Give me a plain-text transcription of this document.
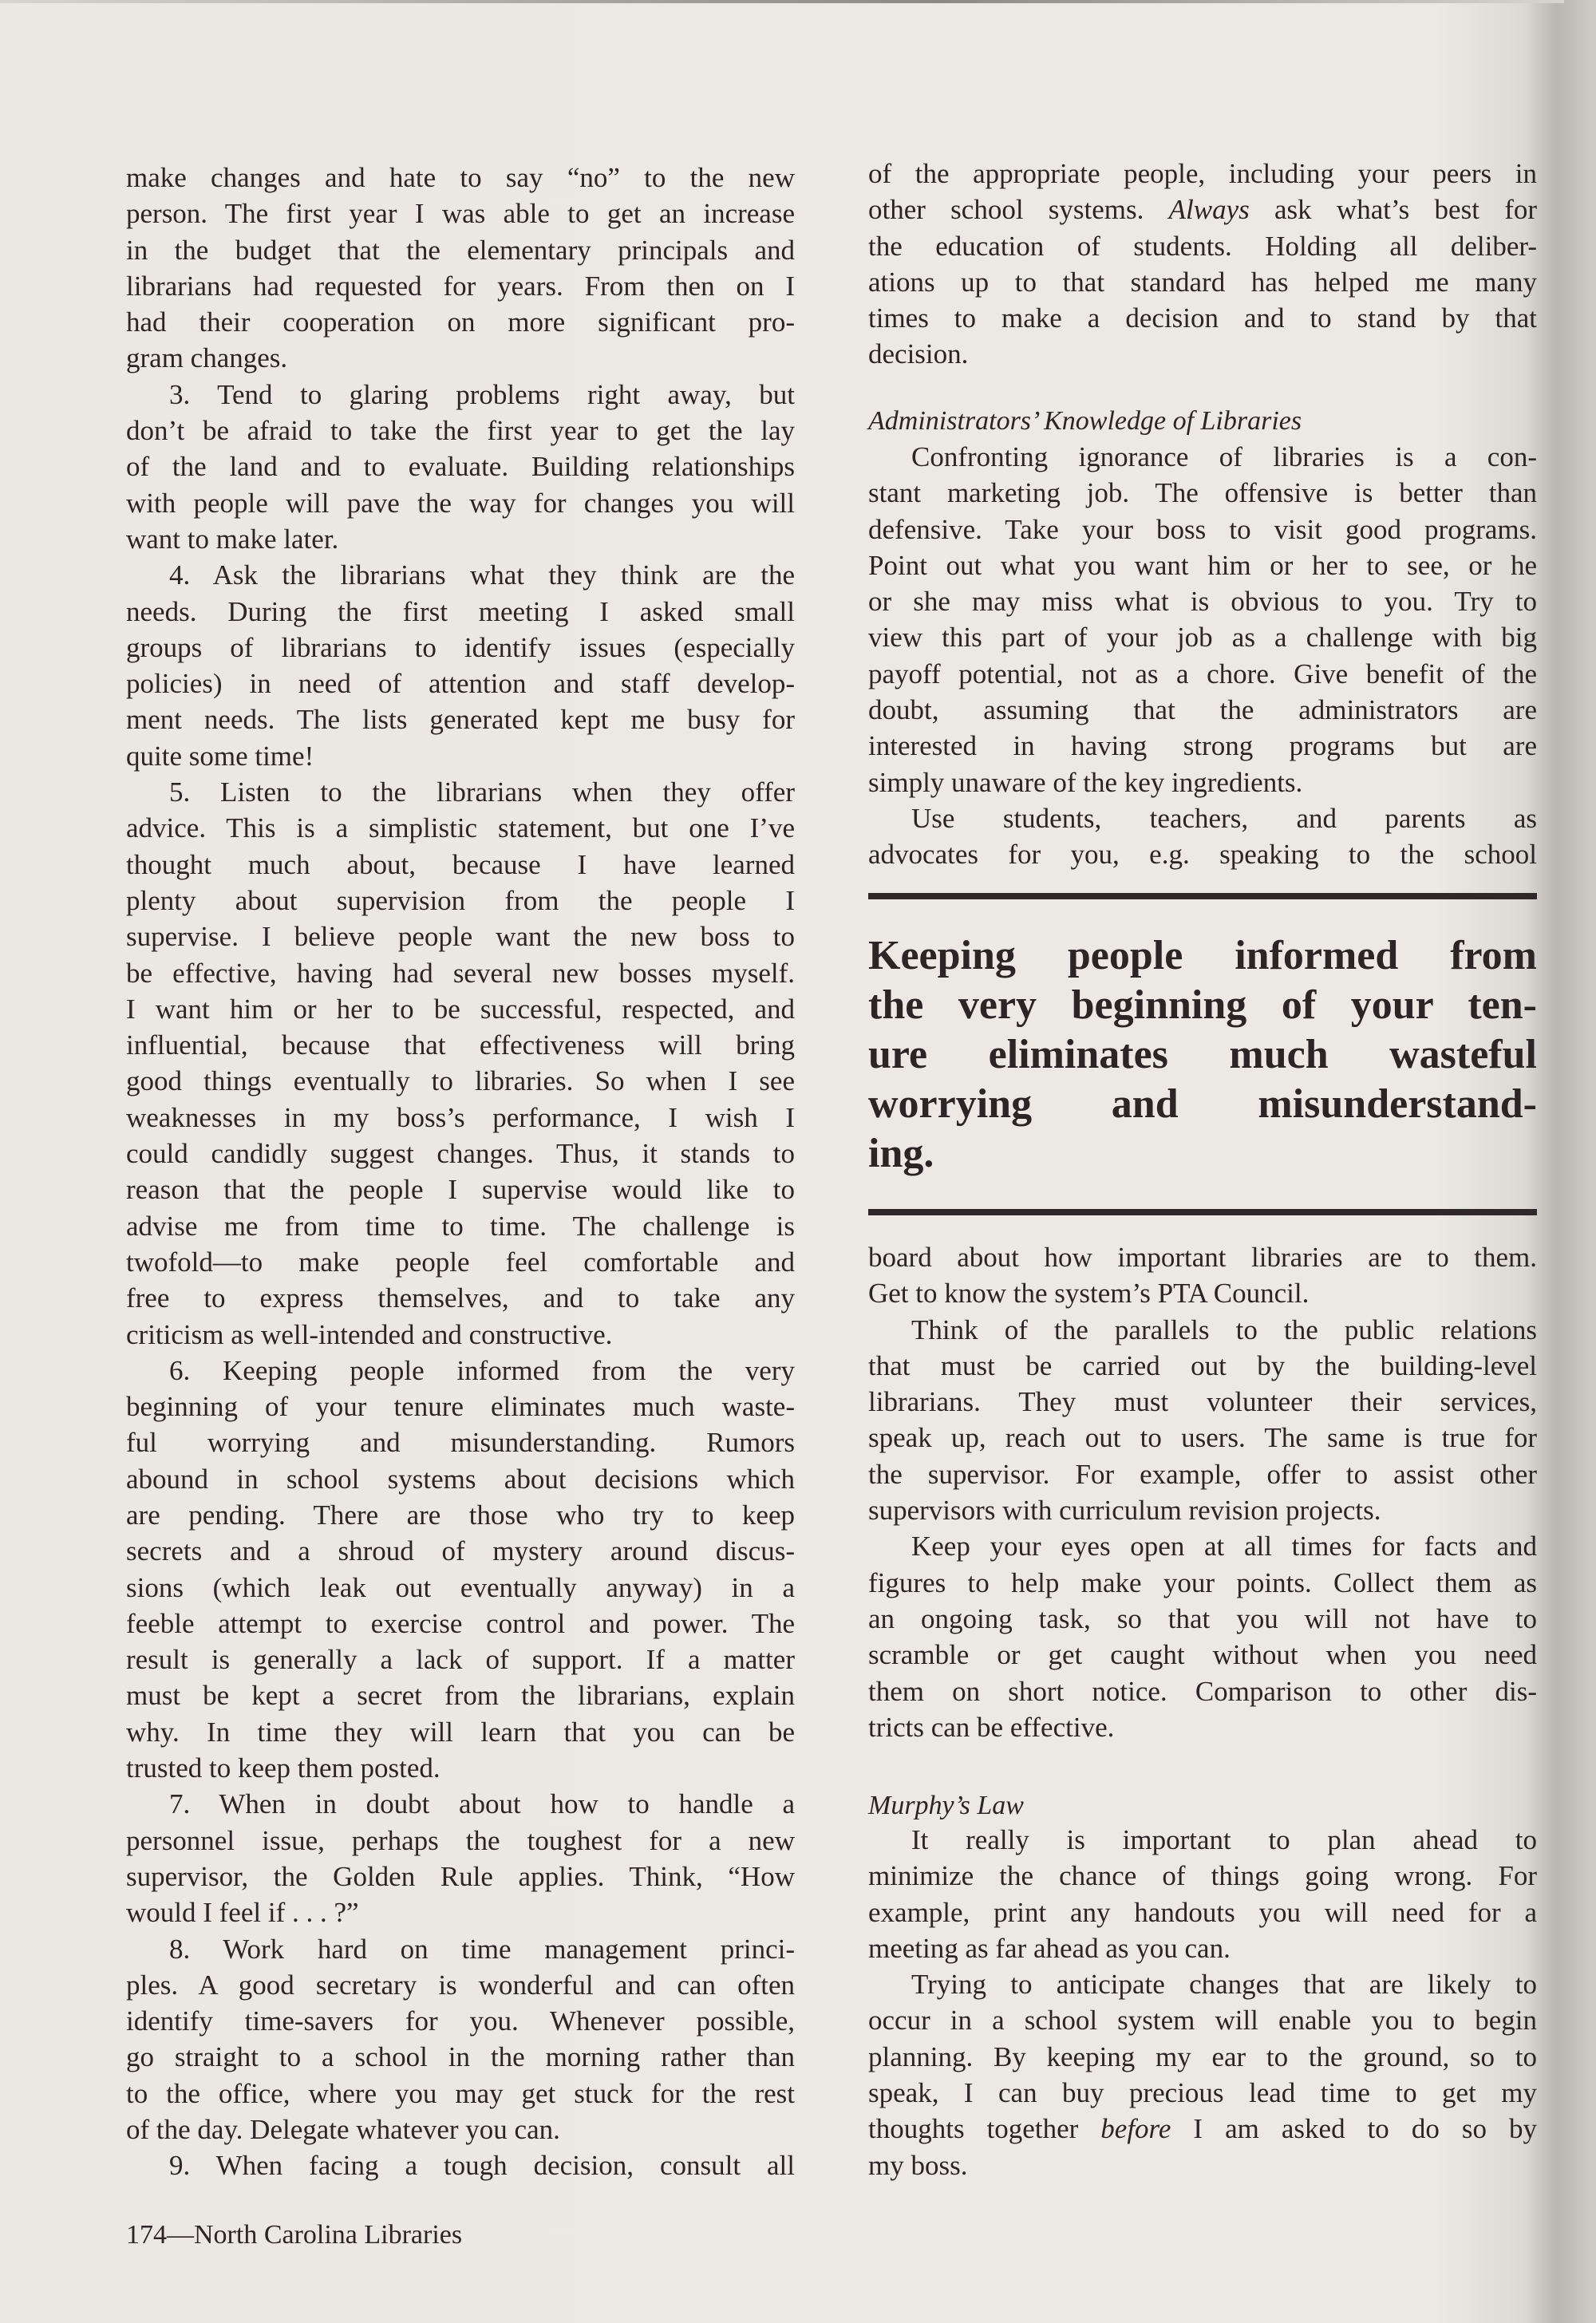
make changes and hate to say “no” to the new
person. The first year I was able to get an increase
in the budget that the elementary principals and
librarians had requested for years. From then on I
had their cooperation on more significant pro-
gram changes.
3. Tend to glaring problems right away, but
don’t be afraid to take the first year to get the lay
of the land and to evaluate. Building relationships
with people will pave the way for changes you will
want to make later.
4. Ask the librarians what they think are the
needs. During the first meeting I asked small
groups of librarians to identify issues (especially
policies) in need of attention and staff develop-
ment needs. The lists generated kept me busy for
quite some time!
5. Listen to the librarians when they offer
advice. This is a simplistic statement, but one I’ve
thought much about, because I have learned
plenty about supervision from the people I
supervise. I believe people want the new boss to
be effective, having had several new bosses myself.
I want him or her to be successful, respected, and
influential, because that effectiveness will bring
good things eventually to libraries. So when I see
weaknesses in my boss’s performance, I wish I
could candidly suggest changes. Thus, it stands to
reason that the people I supervise would like to
advise me from time to time. The challenge is
twofold—to make people feel comfortable and
free to express themselves, and to take any
criticism as well-intended and constructive.
6. Keeping people informed from the very
beginning of your tenure eliminates much waste-
ful worrying and misunderstanding. Rumors
abound in school systems about decisions which
are pending. There are those who try to keep
secrets and a shroud of mystery around discus-
sions (which leak out eventually anyway) in a
feeble attempt to exercise control and power. The
result is generally a lack of support. If a matter
must be kept a secret from the librarians, explain
why. In time they will learn that you can be
trusted to keep them posted.
7. When in doubt about how to handle a
personnel issue, perhaps the toughest for a new
supervisor, the Golden Rule applies. Think, “How
would I feel if . . . ?”
8. Work hard on time management princi-
ples. A good secretary is wonderful and can often
identify time-savers for you. Whenever possible,
go straight to a school in the morning rather than
to the office, where you may get stuck for the rest
of the day. Delegate whatever you can.
9. When facing a tough decision, consult all
of the appropriate people, including your peers in
other school systems. Always ask what’s best for
the education of students. Holding all deliber-
ations up to that standard has helped me many
times to make a decision and to stand by that
decision.
Administrators’ Knowledge of Libraries
Confronting ignorance of libraries is a con-
stant marketing job. The offensive is better than
defensive. Take your boss to visit good programs.
Point out what you want him or her to see, or he
or she may miss what is obvious to you. Try to
view this part of your job as a challenge with big
payoff potential, not as a chore. Give benefit of the
doubt, assuming that the administrators are
interested in having strong programs but are
simply unaware of the key ingredients.
Use students, teachers, and parents as
advocates for you, e.g. speaking to the school
Keeping people informed from
the very beginning of your ten-
ure eliminates much wasteful
worrying and misunderstand-
ing.
board about how important libraries are to them.
Get to know the system’s PTA Council.
Think of the parallels to the public relations
that must be carried out by the building-level
librarians. They must volunteer their services,
speak up, reach out to users. The same is true for
the supervisor. For example, offer to assist other
supervisors with curriculum revision projects.
Keep your eyes open at all times for facts and
figures to help make your points. Collect them as
an ongoing task, so that you will not have to
scramble or get caught without when you need
them on short notice. Comparison to other dis-
tricts can be effective.
Murphy’s Law
It really is important to plan ahead to
minimize the chance of things going wrong. For
example, print any handouts you will need for a
meeting as far ahead as you can.
Trying to anticipate changes that are likely to
occur in a school system will enable you to begin
planning. By keeping my ear to the ground, so to
speak, I can buy precious lead time to get my
thoughts together before I am asked to do so by
my boss.
174—North Carolina Libraries
